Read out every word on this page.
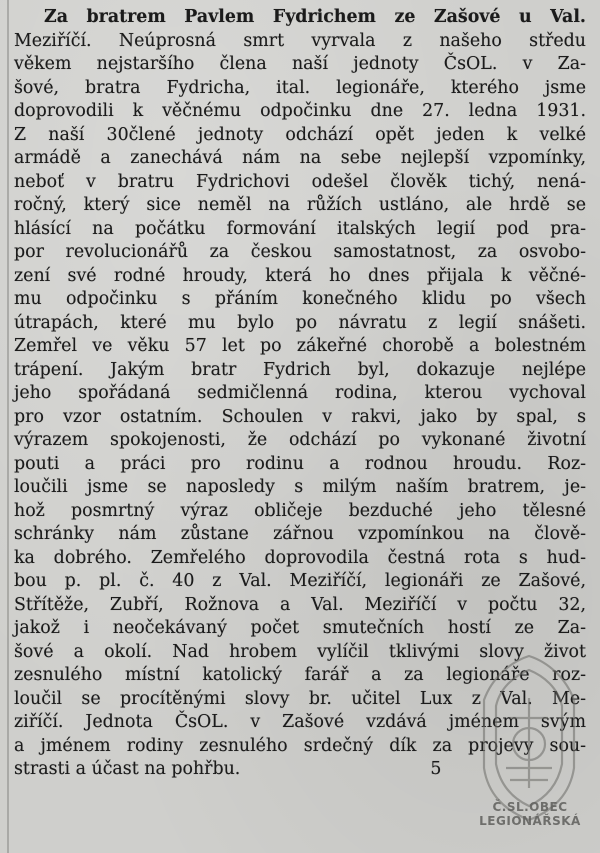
Za bratrem Pavlem Fydrichem ze Zašové u Val.
Meziříčí. Neúprosná smrt vyrvala z našeho středu
věkem nejstaršího člena naší jednoty ČsOL. v Za-
šové, bratra Fydricha, ital. legionáře, kterého jsme
doprovodili k věčnému odpočinku dne 27. ledna 1931.
Z naší 30člené jednoty odchází opět jeden k velké
armádě a zanechává nám na sebe nejlepší vzpomínky,
neboť v bratru Fydrichovi odešel člověk tichý, nená-
ročný, který sice neměl na růžích ustláno, ale hrdě se
hlásící na počátku formování italských legií pod pra-
por revolucionářů za českou samostatnost, za osvobo-
zení své rodné hroudy, která ho dnes přijala k věčné-
mu odpočinku s přáním konečného klidu po všech
útrapách, které mu bylo po návratu z legií snášeti.
Zemřel ve věku 57 let po zákeřné chorobě a bolestném
trápení. Jakým bratr Fydrich byl, dokazuje nejlépe
jeho spořádaná sedmičlenná rodina, kterou vychoval
pro vzor ostatním. Schoulen v rakvi, jako by spal, s
výrazem spokojenosti, že odchází po vykonané životní
pouti a práci pro rodinu a rodnou hroudu. Roz-
loučili jsme se naposledy s milým naším bratrem, je-
hož posmrtný výraz obličeje bezduché jeho tělesné
schránky nám zůstane zářnou vzpomínkou na člově-
ka dobrého. Zemřelého doprovodila čestná rota s hud-
bou p. pl. č. 40 z Val. Meziříčí, legionáři ze Zašové,
Střítěže, Zubří, Rožnova a Val. Meziříčí v počtu 32,
jakož i neočekávaný počet smutečních hostí ze Za-
šové a okolí. Nad hrobem vylíčil tklivými slovy život
zesnulého místní katolický farář a za legionáře roz-
loučil se procítěnými slovy br. učitel Lux z Val. Me-
ziříčí. Jednota ČsOL. v Zašové vzdává jménem svým
a jménem rodiny zesnulého srdečný dík za projevy sou-
strasti a účast na pohřbu.	5
Č.SL.OBEC
LEGIONÁŘSKÁ
